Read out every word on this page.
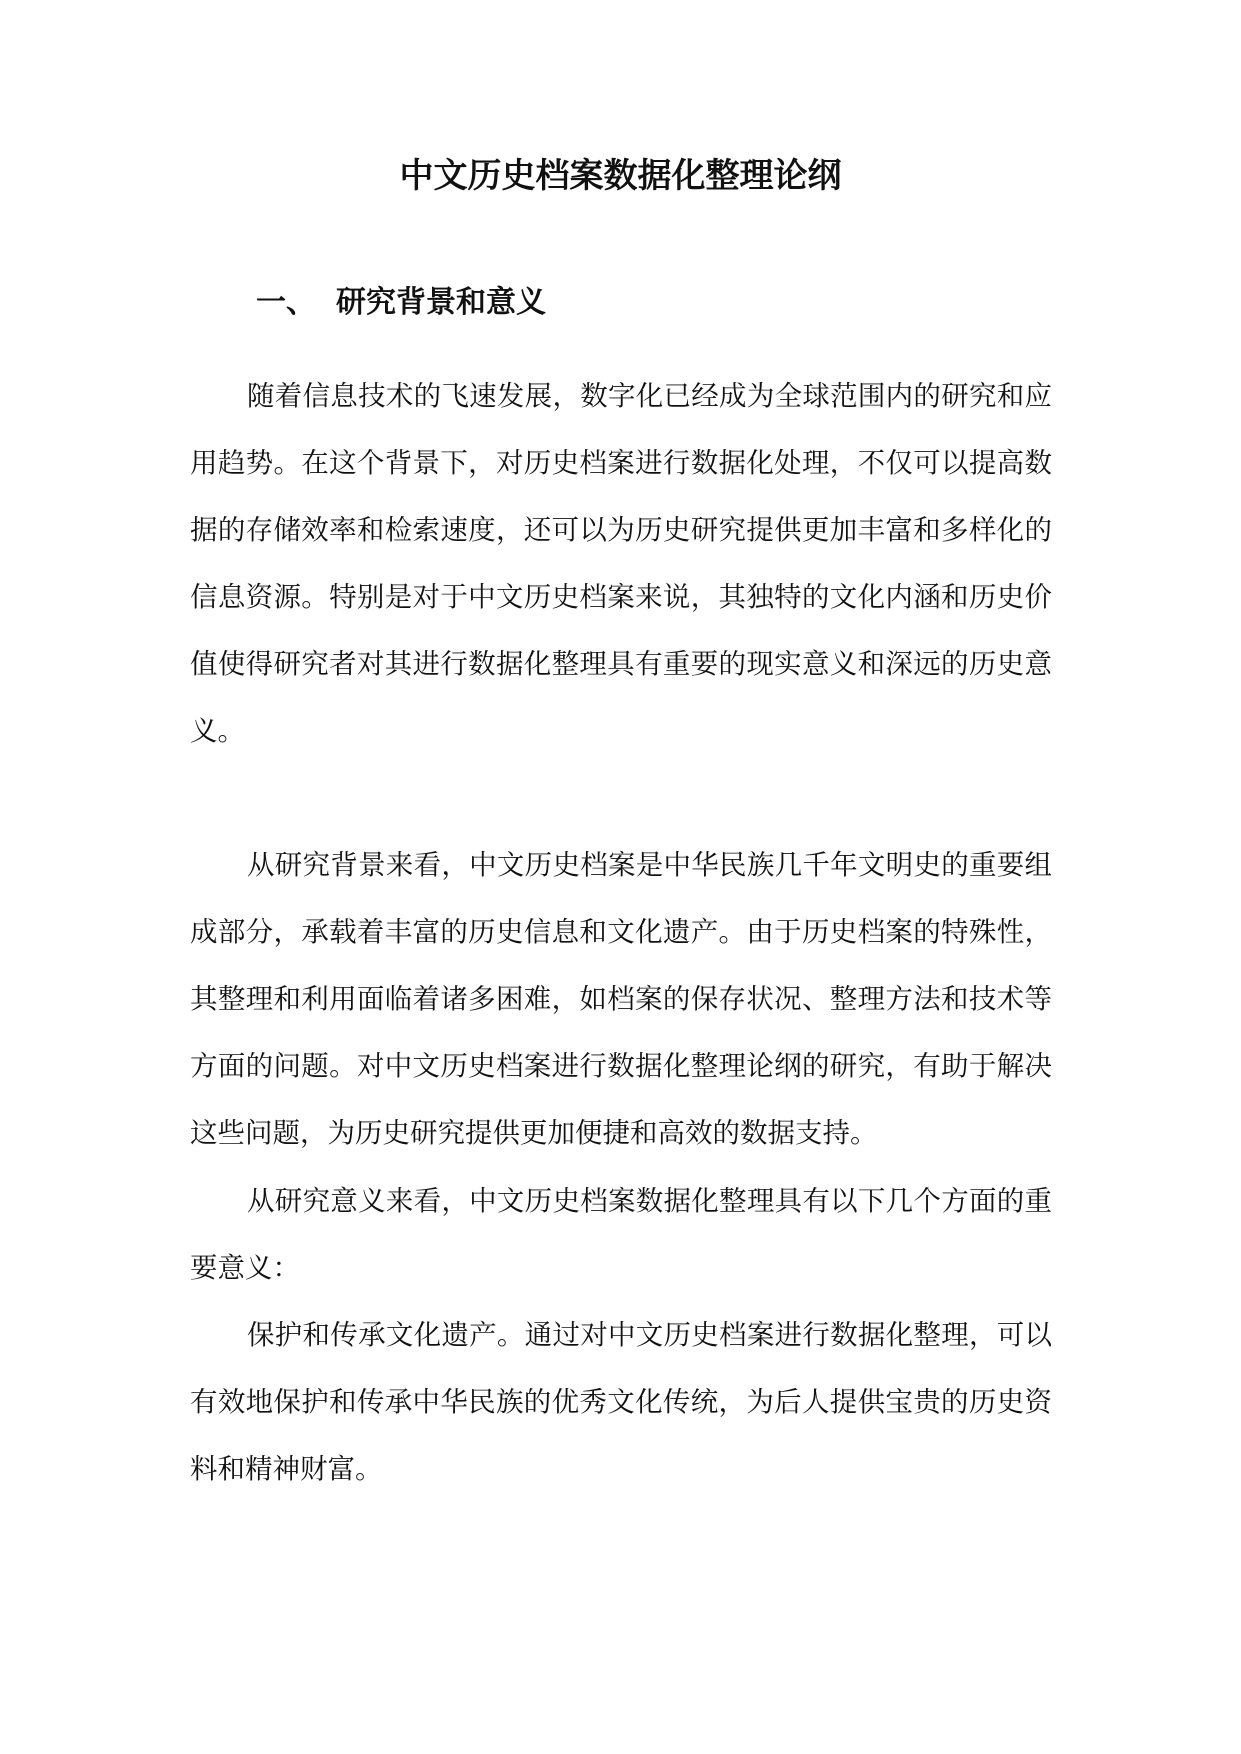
中文历史档案数据化整理论纲
一、 研究背景和意义

随着信息技术的飞速发展，数字化已经成为全球范围内的研究和应用趋势。在这个背景下，对历史档案进行数据化处理，不仅可以提高数据的存储效率和检索速度，还可以为历史研究提供更加丰富和多样化的信息资源。特别是对于中文历史档案来说，其独特的文化内涵和历史价值使得研究者对其进行数据化整理具有重要的现实意义和深远的历史意义。

从研究背景来看，中文历史档案是中华民族几千年文明史的重要组成部分，承载着丰富的历史信息和文化遗产。由于历史档案的特殊性，其整理和利用面临着诸多困难，如档案的保存状况、整理方法和技术等方面的问题。对中文历史档案进行数据化整理论纲的研究，有助于解决这些问题，为历史研究提供更加便捷和高效的数据支持。

从研究意义来看，中文历史档案数据化整理具有以下几个方面的重要意义：

保护和传承文化遗产。通过对中文历史档案进行数据化整理，可以有效地保护和传承中华民族的优秀文化传统，为后人提供宝贵的历史资料和精神财富。
